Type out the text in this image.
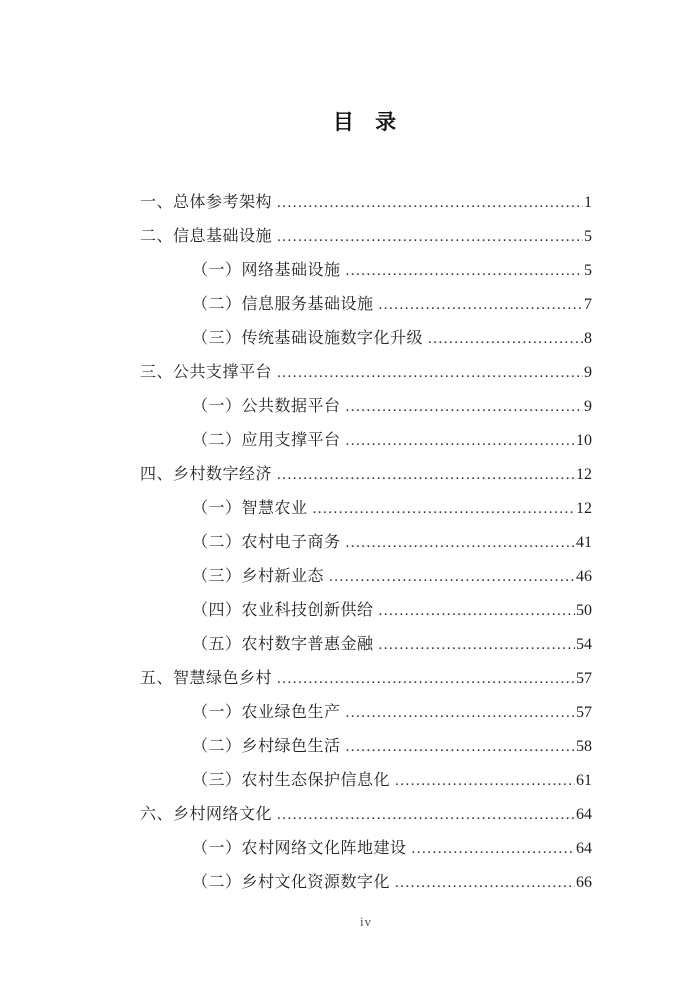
目 录
一、总体参考架构 .....	1
二、信息基础设施 .....	5
（一）网络基础设施 .....	5
（二）信息服务基础设施 .....	7
（三）传统基础设施数字化升级 .....	8
三、公共支撑平台 .....	9
（一）公共数据平台 .....	9
（二）应用支撑平台 .....	10
四、乡村数字经济 .....	12
（一）智慧农业 .....	12
（二）农村电子商务 .....	41
（三）乡村新业态 .....	46
（四）农业科技创新供给 .....	50
（五）农村数字普惠金融 .....	54
五、智慧绿色乡村 .....	57
（一）农业绿色生产 .....	57
（二）乡村绿色生活 .....	58
（三）农村生态保护信息化 .....	61
六、乡村网络文化 .....	64
（一）农村网络文化阵地建设 .....	64
（二）乡村文化资源数字化 .....	66
iv
